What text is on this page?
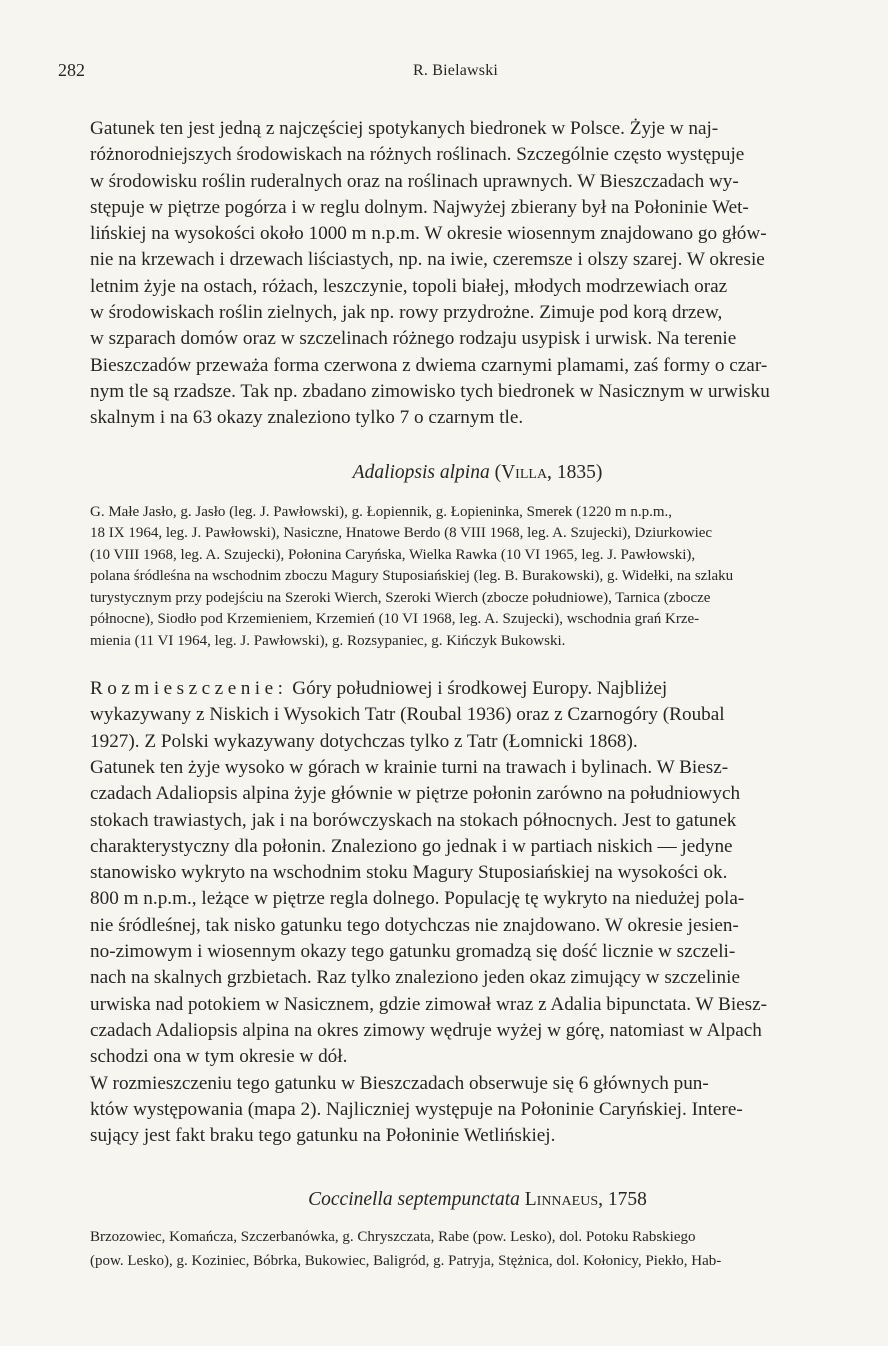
282	R. Bielawski

Gatunek ten jest jedną z najczęściej spotykanych biedronek w Polsce. Żyje w naj-
różnorodniejszych środowiskach na różnych roślinach. Szczególnie często występuje
w środowisku roślin ruderalnych oraz na roślinach uprawnych. W Bieszczadach wy-
stępuje w piętrze pogórza i w reglu dolnym. Najwyżej zbierany był na Połoninie Wet-
lińskiej na wysokości około 1000 m n.p.m. W okresie wiosennym znajdowano go głów-
nie na krzewach i drzewach liściastych, np. na iwie, czeremsze i olszy szarej. W okresie
letnim żyje na ostach, różach, leszczynie, topoli białej, młodych modrzewiach oraz
w środowiskach roślin zielnych, jak np. rowy przydrożne. Zimuje pod korą drzew,
w szparach domów oraz w szczelinach różnego rodzaju usypisk i urwisk. Na terenie
Bieszczadów przeważa forma czerwona z dwiema czarnymi plamami, zaś formy o czar-
nym tle są rzadsze. Tak np. zbadano zimowisko tych biedronek w Nasicznym w urwisku
skalnym i na 63 okazy znaleziono tylko 7 o czarnym tle.

Adaliopsis alpina (Villa, 1835)

G. Małe Jasło, g. Jasło (leg. J. Pawłowski), g. Łopiennik, g. Łopieninka, Smerek (1220 m n.p.m.,
18 IX 1964, leg. J. Pawłowski), Nasiczne, Hnatowe Berdo (8 VIII 1968, leg. A. Szujecki), Dziurkowiec
(10 VIII 1968, leg. A. Szujecki), Połonina Caryńska, Wielka Rawka (10 VI 1965, leg. J. Pawłowski),
polana śródleśna na wschodnim zboczu Magury Stuposiańskiej (leg. B. Burakowski), g. Widełki, na szlaku
turystycznym przy podejściu na Szeroki Wierch, Szeroki Wierch (zbocze południowe), Tarnica (zbocze
północne), Siodło pod Krzemieniem, Krzemień (10 VI 1968, leg. A. Szujecki), wschodnia grań Krze-
mienia (11 VI 1964, leg. J. Pawłowski), g. Rozsypaniec, g. Kińczyk Bukowski.

Rozmieszczenie: Góry południowej i środkowej Europy. Najbliżej
wykazywany z Niskich i Wysokich Tatr (Roubal 1936) oraz z Czarnogóry (Roubal
1927). Z Polski wykazywany dotychczas tylko z Tatr (Łomnicki 1868).

Gatunek ten żyje wysoko w górach w krainie turni na trawach i bylinach. W Biesz-
czadach Adaliopsis alpina żyje głównie w piętrze połonin zarówno na południowych
stokach trawiastych, jak i na borówczyskach na stokach północnych. Jest to gatunek
charakterystyczny dla połonin. Znaleziono go jednak i w partiach niskich — jedyne
stanowisko wykryto na wschodnim stoku Magury Stuposiańskiej na wysokości ok.
800 m n.p.m., leżące w piętrze regla dolnego. Populację tę wykryto na niedużej pola-
nie śródleśnej, tak nisko gatunku tego dotychczas nie znajdowano. W okresie jesien-
no-zimowym i wiosennym okazy tego gatunku gromadzą się dość licznie w szczeli-
nach na skalnych grzbietach. Raz tylko znaleziono jeden okaz zimujący w szczelinie
urwiska nad potokiem w Nasicznem, gdzie zimował wraz z Adalia bipunctata. W Biesz-
czadach Adaliopsis alpina na okres zimowy wędruje wyżej w górę, natomiast w Alpach
schodzi ona w tym okresie w dół.

W rozmieszczeniu tego gatunku w Bieszczadach obserwuje się 6 głównych pun-
któw występowania (mapa 2). Najliczniej występuje na Połoninie Caryńskiej. Intere-
sujący jest fakt braku tego gatunku na Połoninie Wetlińskiej.

Coccinella septempunctata Linnaeus, 1758

Brzozowiec, Komańcza, Szczerbanówka, g. Chryszczata, Rabe (pow. Lesko), dol. Potoku Rabskiego
(pow. Lesko), g. Koziniec, Bóbrka, Bukowiec, Baligród, g. Patryja, Stężnica, dol. Kołonicy, Piekło, Hab-
